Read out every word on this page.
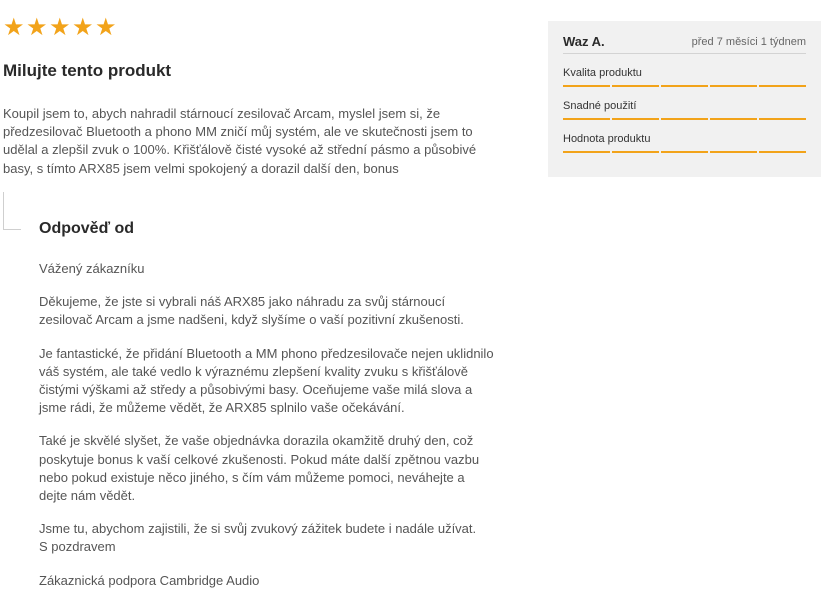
★ ★ ★ ★ ★
Milujte tento produkt
Koupil jsem to, abych nahradil stárnoucí zesilovač Arcam, myslel jsem si, že předzesilovač Bluetooth a phono MM zničí můj systém, ale ve skutečnosti jsem to udělal a zlepšil zvuk o 100%. Křišťálově čisté vysoké až střední pásmo a působivé basy, s tímto ARX85 jsem velmi spokojený a dorazil další den, bonus
Odpověď od

Vážený zákazníku

Děkujeme, že jste si vybrali náš ARX85 jako náhradu za svůj stárnoucí zesilovač Arcam a jsme nadšeni, když slyšíme o vaší pozitivní zkušenosti.

Je fantastické, že přidání Bluetooth a MM phono předzesilovače nejen uklidnilo váš systém, ale také vedlo k výraznému zlepšení kvality zvuku s křišťálově čistými výškami až středy a působivými basy. Oceňujeme vaše milá slova a jsme rádi, že můžeme vědět, že ARX85 splnilo vaše očekávání.

Také je skvělé slyšet, že vaše objednávka dorazila okamžitě druhý den, což poskytuje bonus k vaší celkové zkušenosti. Pokud máte další zpětnou vazbu nebo pokud existuje něco jiného, s čím vám můžeme pomoci, neváhejte a dejte nám vědět.

Jsme tu, abychom zajistili, že si svůj zvukový zážitek budete i nadále užívat.
S pozdravem

Zákaznická podpora Cambridge Audio

Waz A.	před 7 měsíci 1 týdnem
Kvalita produktu
Snadné použití
Hodnota produktu
